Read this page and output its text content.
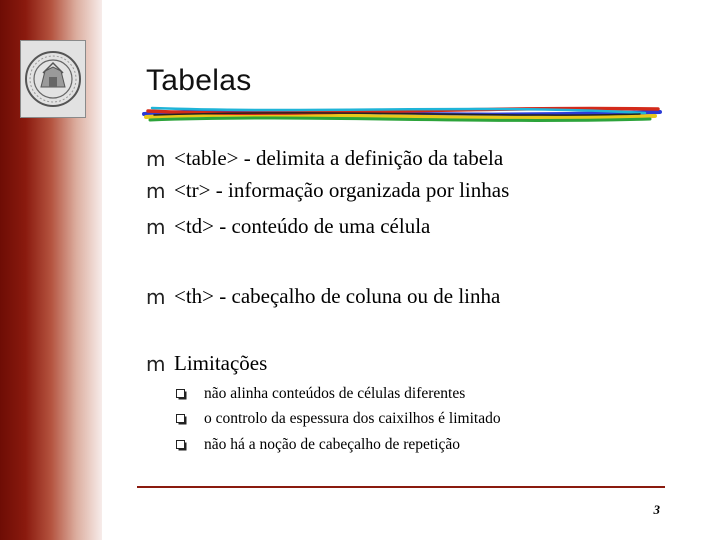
Tabelas
m <table> - delimita a definição da tabela
m <tr> - informação organizada por linhas
m <td> - conteúdo de uma célula
m <th> - cabeçalho de coluna ou de linha
m Limitações
não alinha conteúdos de células diferentes
o controlo da espessura dos caixilhos é limitado
não há a noção de cabeçalho de repetição
3
